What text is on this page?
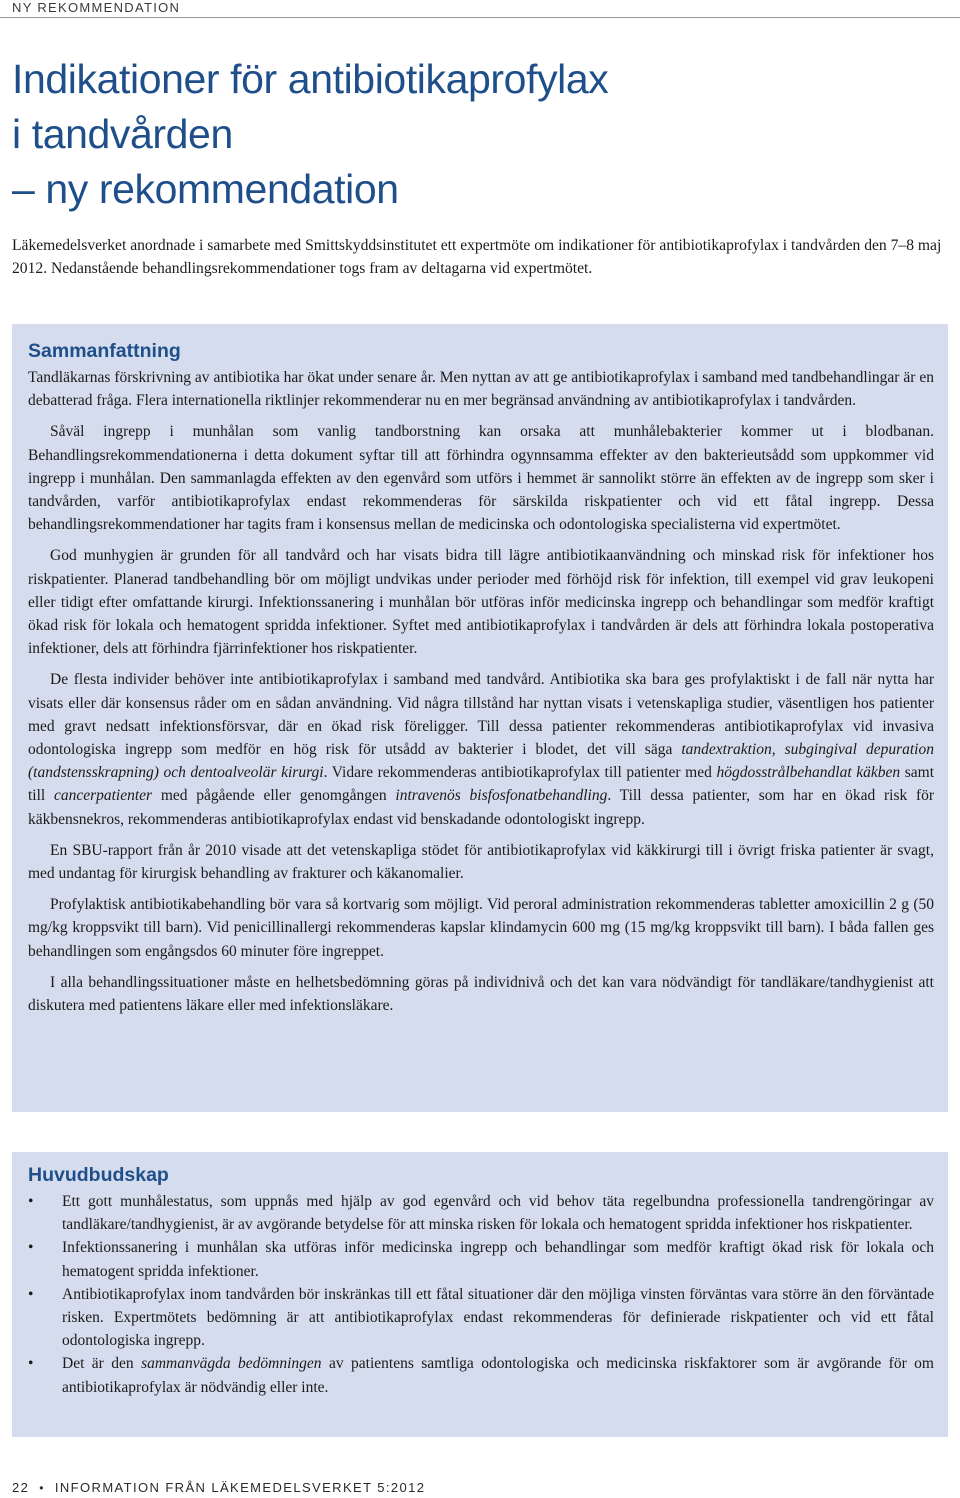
NY REKOMMENDATION
Indikationer för antibiotikaprofylax
i tandvården
– ny rekommendation

Läkemedelsverket anordnade i samarbete med Smittskyddsinstitutet ett expertmöte om indikationer för antibiotikaprofylax i tandvården den 7–8 maj 2012. Nedanstående behandlingsrekommendationer togs fram av deltagarna vid expertmötet.

Sammanfattning

Tandläkarnas förskrivning av antibiotika har ökat under senare år. Men nyttan av att ge antibiotikaprofylax i samband med tandbehandlingar är en debatterad fråga. Flera internationella riktlinjer rekommenderar nu en mer begränsad användning av antibiotikaprofylax i tandvården.

Såväl ingrepp i munhålan som vanlig tandborstning kan orsaka att munhålebakterier kommer ut i blodbanan. Behandlingsrekommendationerna i detta dokument syftar till att förhindra ogynnsamma effekter av den bakterieutsådd som uppkommer vid ingrepp i munhålan. Den sammanlagda effekten av den egenvård som utförs i hemmet är sannolikt större än effekten av de ingrepp som sker i tandvården, varför antibiotikaprofylax endast rekommenderas för särskilda riskpatienter och vid ett fåtal ingrepp. Dessa behandlingsrekommendationer har tagits fram i konsensus mellan de medicinska och odontologiska specialisterna vid expertmötet.

God munhygien är grunden för all tandvård och har visats bidra till lägre antibiotikaanvändning och minskad risk för infektioner hos riskpatienter. Planerad tandbehandling bör om möjligt undvikas under perioder med förhöjd risk för infektion, till exempel vid grav leukopeni eller tidigt efter omfattande kirurgi. Infektionssanering i munhålan bör utföras inför medicinska ingrepp och behandlingar som medför kraftigt ökad risk för lokala och hematogent spridda infektioner. Syftet med antibiotikaprofylax i tandvården är dels att förhindra lokala postoperativa infektioner, dels att förhindra fjärrinfektioner hos riskpatienter.

De flesta individer behöver inte antibiotikaprofylax i samband med tandvård. Antibiotika ska bara ges profylaktiskt i de fall när nytta har visats eller där konsensus råder om en sådan användning. Vid några tillstånd har nyttan visats i vetenskapliga studier, väsentligen hos patienter med gravt nedsatt infektionsförsvar, där en ökad risk föreligger. Till dessa patienter rekommenderas antibiotikaprofylax vid invasiva odontologiska ingrepp som medför en hög risk för utsådd av bakterier i blodet, det vill säga tandextraktion, subgingival depuration (tandstensskrapning) och dentoalveolär kirurgi. Vidare rekommenderas antibiotikaprofylax till patienter med högdosstrålbehandlat käkben samt till cancerpatienter med pågående eller genomgången intravenös bisfosfonatbehandling. Till dessa patienter, som har en ökad risk för käkbensnekros, rekommenderas antibiotikaprofylax endast vid benskadande odontologiskt ingrepp.

En SBU-rapport från år 2010 visade att det vetenskapliga stödet för antibiotikaprofylax vid käkkirurgi till i övrigt friska patienter är svagt, med undantag för kirurgisk behandling av frakturer och käkanomalier.

Profylaktisk antibiotikabehandling bör vara så kortvarig som möjligt. Vid peroral administration rekommenderas tabletter amoxicillin 2 g (50 mg/kg kroppsvikt till barn). Vid penicillinallergi rekommenderas kapslar klindamycin 600 mg (15 mg/kg kroppsvikt till barn). I båda fallen ges behandlingen som engångsdos 60 minuter före ingreppet.

I alla behandlingssituationer måste en helhetsbedömning göras på individnivå och det kan vara nödvändigt för tandläkare/tandhygienist att diskutera med patientens läkare eller med infektionsläkare.

Huvudbudskap
•	Ett gott munhålestatus, som uppnås med hjälp av god egenvård och vid behov täta regelbundna professionella tandrengöringar av tandläkare/tandhygienist, är av avgörande betydelse för att minska risken för lokala och hematogent spridda infektioner hos riskpatienter.
•	Infektionssanering i munhålan ska utföras inför medicinska ingrepp och behandlingar som medför kraftigt ökad risk för lokala och hematogent spridda infektioner.
•	Antibiotikaprofylax inom tandvården bör inskränkas till ett fåtal situationer där den möjliga vinsten förväntas vara större än den förväntade risken. Expertmötets bedömning är att antibiotikaprofylax endast rekommenderas för definierade riskpatienter och vid ett fåtal odontologiska ingrepp.
•	Det är den sammanvägda bedömningen av patientens samtliga odontologiska och medicinska riskfaktorer som är avgörande för om antibiotikaprofylax är nödvändig eller inte.
22 • INFORMATION FRÅN LÄKEMEDELSVERKET 5:2012
